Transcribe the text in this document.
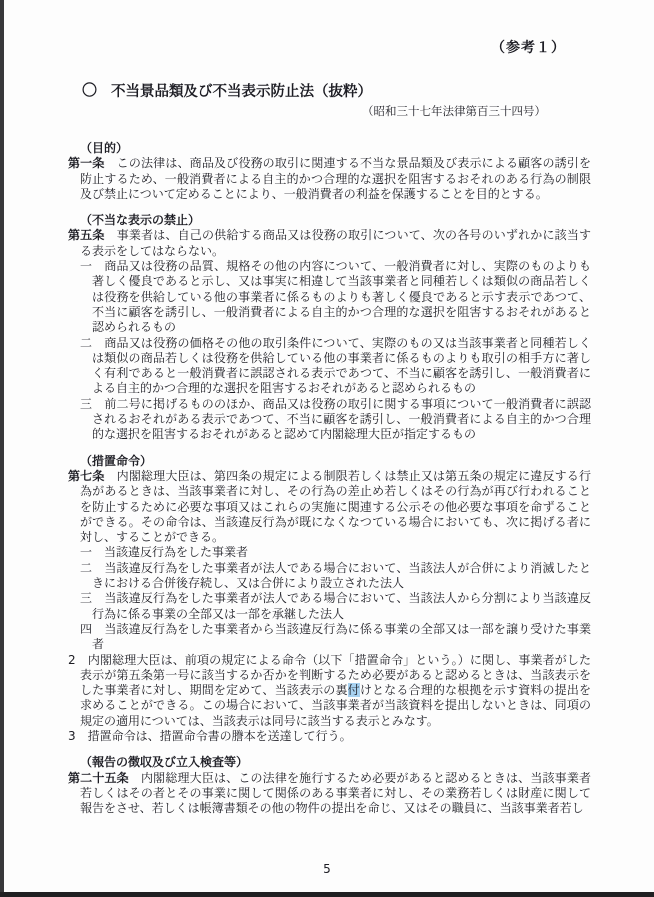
（参考１）
〇 不当景品類及び不当表示防止法（抜粋）
（昭和三十七年法律第百三十四号）
（目的）

第一条　この法律は、商品及び役務の取引に関連する不当な景品類及び表示による顧客の誘引を防止するため、一般消費者による自主的かつ合理的な選択を阻害するおそれのある行為の制限及び禁止について定めることにより、一般消費者の利益を保護することを目的とする。

（不当な表示の禁止）

第五条　事業者は、自己の供給する商品又は役務の取引について、次の各号のいずれかに該当する表示をしてはならない。

一　商品又は役務の品質、規格その他の内容について、一般消費者に対し、実際のものよりも著しく優良であると示し、又は事実に相違して当該事業者と同種若しくは類似の商品若しくは役務を供給している他の事業者に係るものよりも著しく優良であると示す表示であつて、不当に顧客を誘引し、一般消費者による自主的かつ合理的な選択を阻害するおそれがあると認められるもの

二　商品又は役務の価格その他の取引条件について、実際のもの又は当該事業者と同種若しくは類似の商品若しくは役務を供給している他の事業者に係るものよりも取引の相手方に著しく有利であると一般消費者に誤認される表示であつて、不当に顧客を誘引し、一般消費者による自主的かつ合理的な選択を阻害するおそれがあると認められるもの

三　前二号に掲げるもののほか、商品又は役務の取引に関する事項について一般消費者に誤認されるおそれがある表示であつて、不当に顧客を誘引し、一般消費者による自主的かつ合理的な選択を阻害するおそれがあると認めて内閣総理大臣が指定するもの

（措置命令）

第七条　内閣総理大臣は、第四条の規定による制限若しくは禁止又は第五条の規定に違反する行為があるときは、当該事業者に対し、その行為の差止め若しくはその行為が再び行われることを防止するために必要な事項又はこれらの実施に関連する公示その他必要な事項を命ずることができる。その命令は、当該違反行為が既になくなつている場合においても、次に掲げる者に対し、することができる。

一　当該違反行為をした事業者

二　当該違反行為をした事業者が法人である場合において、当該法人が合併により消滅したときにおける合併後存続し、又は合併により設立された法人

三　当該違反行為をした事業者が法人である場合において、当該法人から分割により当該違反行為に係る事業の全部又は一部を承継した法人

四　当該違反行為をした事業者から当該違反行為に係る事業の全部又は一部を譲り受けた事業者

2　内閣総理大臣は、前項の規定による命令（以下「措置命令」という。）に関し、事業者がした表示が第五条第一号に該当するか否かを判断するため必要があると認めるときは、当該表示をした事業者に対し、期間を定めて、当該表示の裏付けとなる合理的な根拠を示す資料の提出を求めることができる。この場合において、当該事業者が当該資料を提出しないときは、同項の規定の適用については、当該表示は同号に該当する表示とみなす。

3　措置命令は、措置命令書の謄本を送達して行う。

（報告の徴収及び立入検査等）

第二十五条　内閣総理大臣は、この法律を施行するため必要があると認めるときは、当該事業者若しくはその者とその事業に関して関係のある事業者に対し、その業務若しくは財産に関して報告をさせ、若しくは帳簿書類その他の物件の提出を命じ、又はその職員に、当該事業者若し

5
